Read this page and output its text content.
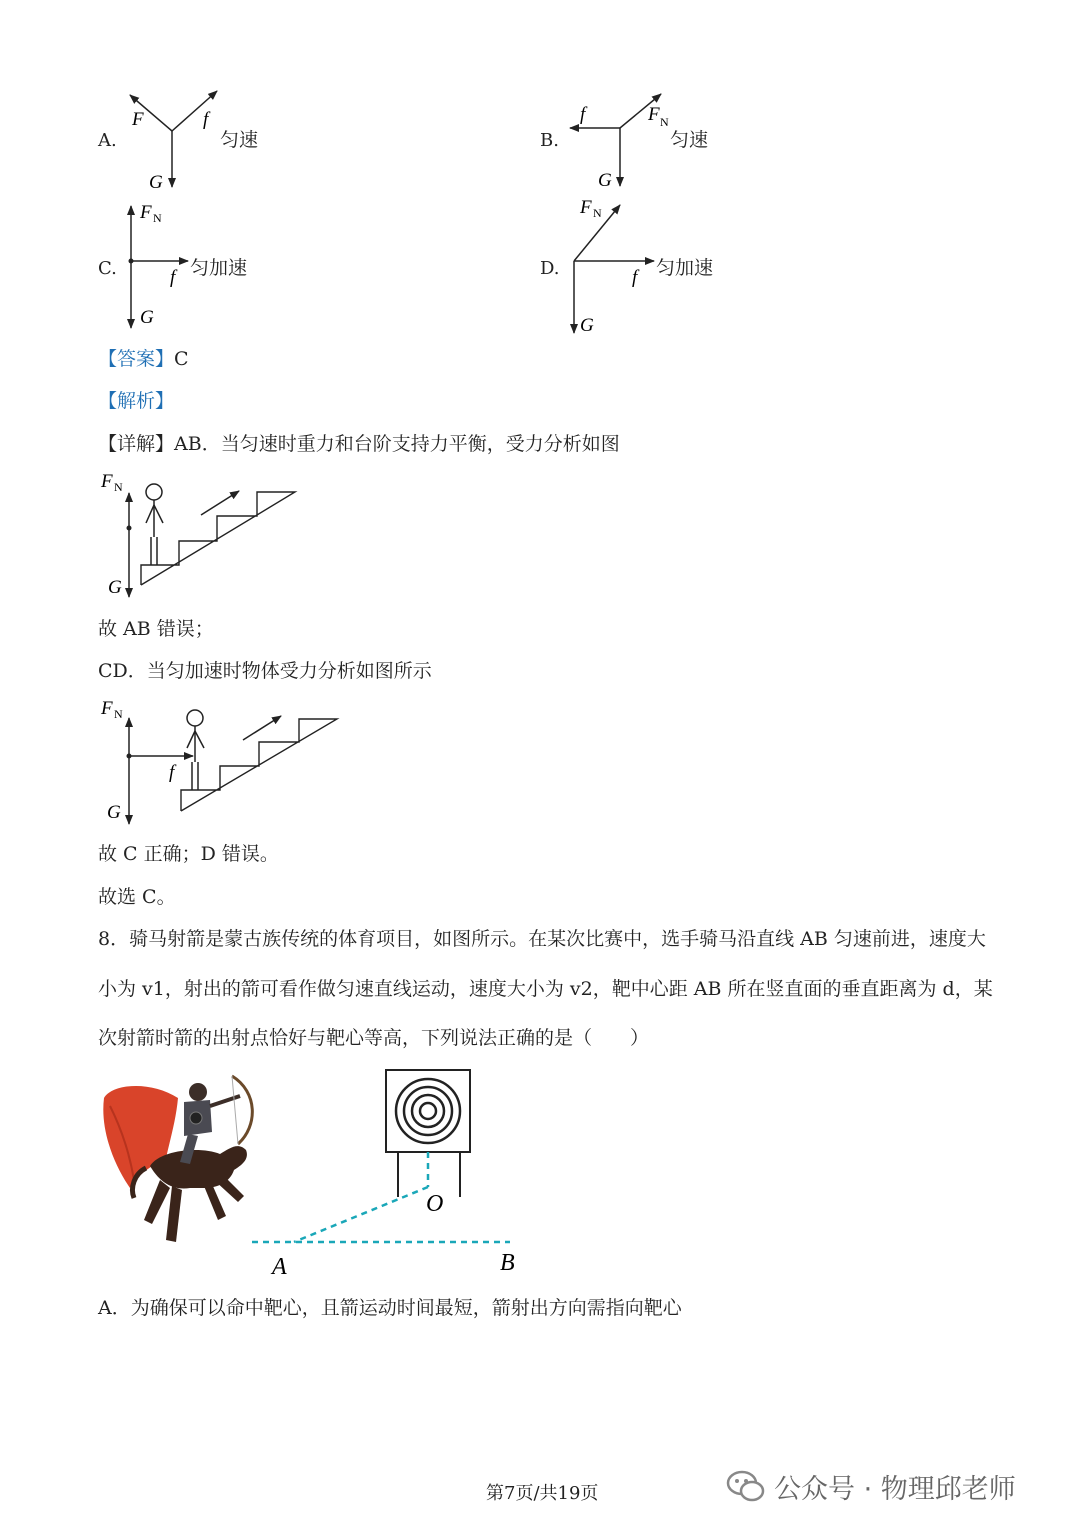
A.
F	f
G
匀速	B.
f	F N
G
匀速
C.
F N
f
G
匀加速	D.
F N
f
G
匀加速
【答案】C
【解析】
【详解】AB．当匀速时重力和台阶支持力平衡，受力分析如图
F N
G
故 AB 错误；
CD．当匀加速时物体受力分析如图所示
F N
f
G
故 C 正确；D 错误。
故选 C。
8．骑马射箭是蒙古族传统的体育项目，如图所示。在某次比赛中，选手骑马沿直线 AB 匀速前进，速度大
小为 v1，射出的箭可看作做匀速直线运动，速度大小为 v2，靶中心距 AB 所在竖直面的垂直距离为 d，某
次射箭时箭的出射点恰好与靶心等高，下列说法正确的是（　　）
O
A	B
A．为确保可以命中靶心，且箭运动时间最短，箭射出方向需指向靶心
第7页/共19页	公众号 · 物理邱老师
